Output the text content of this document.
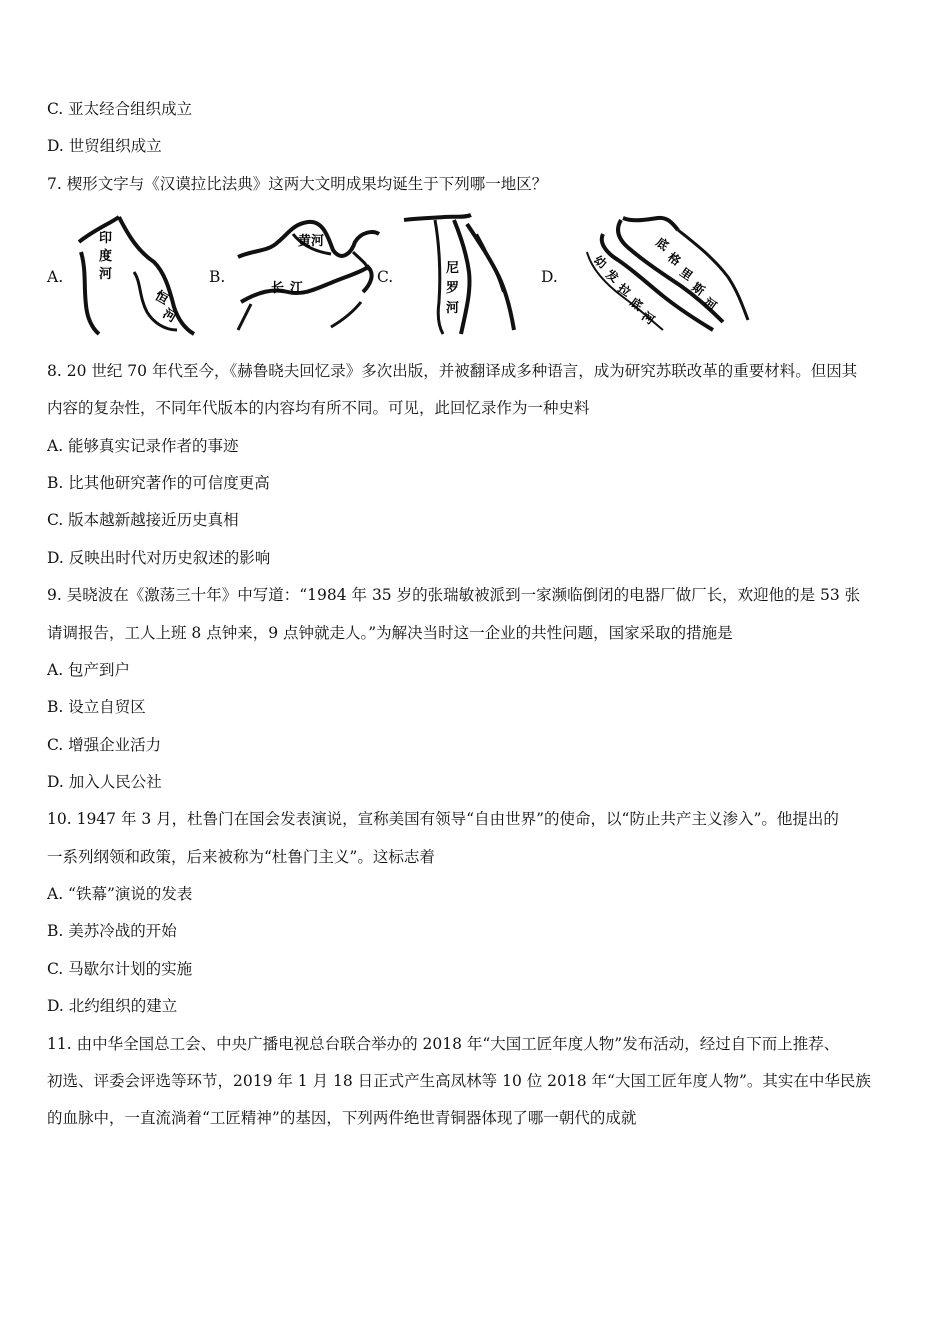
C. 亚太经合组织成立
D. 世贸组织成立
7. 楔形文字与《汉谟拉比法典》这两大文明成果均诞生于下列哪一地区？
A.
印
度
河
恒
河
B.
黄河
长江
C.	尼
罗
河
D.
底
格
里
斯
河
幼
发
拉
底
河
8. 20 世纪 70 年代至今，《赫鲁晓夫回忆录》多次出版，并被翻译成多种语言，成为研究苏联改革的重要材料。但因其
内容的复杂性，不同年代版本的内容均有所不同。可见，此回忆录作为一种史料
A. 能够真实记录作者的事迹
B. 比其他研究著作的可信度更高
C. 版本越新越接近历史真相
D. 反映出时代对历史叙述的影响
9. 吴晓波在《激荡三十年》中写道：“1984 年 35 岁的张瑞敏被派到一家濒临倒闭的电器厂做厂长，欢迎他的是 53 张
请调报告，工人上班 8 点钟来，9 点钟就走人。”为解决当时这一企业的共性问题，国家采取的措施是
A. 包产到户
B. 设立自贸区
C. 增强企业活力
D. 加入人民公社
10. 1947 年 3 月，杜鲁门在国会发表演说，宣称美国有领导“自由世界”的使命，以“防止共产主义渗入”。他提出的
一系列纲领和政策，后来被称为“杜鲁门主义”。这标志着
A. “铁幕”演说的发表
B. 美苏冷战的开始
C. 马歇尔计划的实施
D. 北约组织的建立
11. 由中华全国总工会、中央广播电视总台联合举办的 2018 年“大国工匠年度人物”发布活动，经过自下而上推荐、
初选、评委会评选等环节，2019 年 1 月 18 日正式产生高凤林等 10 位 2018 年“大国工匠年度人物”。其实在中华民族
的血脉中，一直流淌着“工匠精神”的基因，下列两件绝世青铜器体现了哪一朝代的成就
